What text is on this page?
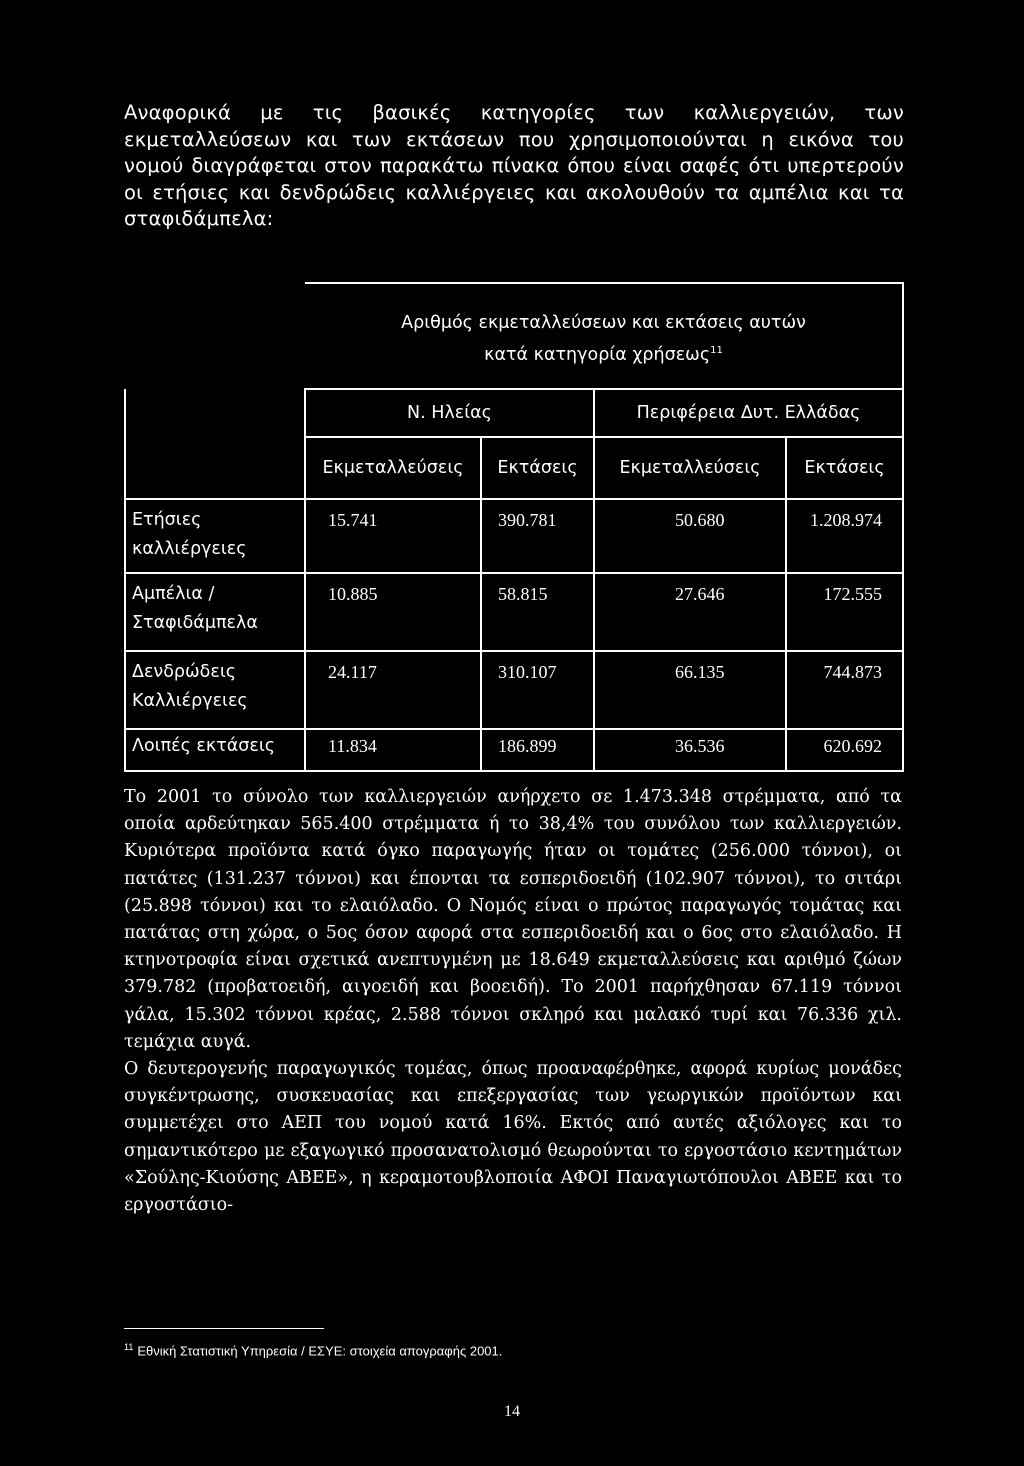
Αναφορικά με τις βασικές κατηγορίες των καλλιεργειών, των εκμεταλλεύσεων και των εκτάσεων που χρησιμοποιούνται η εικόνα του νομού διαγράφεται στον παρακάτω πίνακα όπου είναι σαφές ότι υπερτερούν οι ετήσιες και δενδρώδεις καλλιέργειες και ακολουθούν τα αμπέλια και τα σταφιδάμπελα:

	Αριθμός εκμεταλλεύσεων και εκτάσεις αυτών
κατά κατηγορία χρήσεως$^{11}$
	Ν. Ηλείας		Περιφέρεια Δυτ. Ελλάδας	
	Εκμεταλλεύσεις	Εκτάσεις	Εκμεταλλεύσεις	Εκτάσεις
Ετήσιες
καλλιέργειες	15.741	390.781	50.680	1.208.974
Αμπέλια /
Σταφιδάμπελα	10.885	58.815	27.646	172.555
Δενδρώδεις
Καλλιέργειες	24.117	310.107	66.135	744.873
Λοιπές εκτάσεις	11.834	186.899	36.536	620.692

Το 2001 το σύνολο των καλλιεργειών ανήρχετο σε 1.473.348 στρέμματα, από τα οποία αρδεύτηκαν 565.400 στρέμματα ή το 38,4% του συνόλου των καλλιεργειών. Κυριότερα προϊόντα κατά όγκο παραγωγής ήταν οι τομάτες (256.000 τόννοι), οι πατάτες (131.237 τόννοι) και έπονται τα εσπεριδοειδή (102.907 τόννοι), το σιτάρι (25.898 τόννοι) και το ελαιόλαδο. Ο Νομός είναι ο πρώτος παραγωγός τομάτας και πατάτας στη χώρα, ο 5ος όσον αφορά στα εσπεριδοειδή και ο 6ος στο ελαιόλαδο. Η κτηνοτροφία είναι σχετικά ανεπτυγμένη με 18.649 εκμεταλλεύσεις και αριθμό ζώων 379.782 (προβατοειδή, αιγοειδή και βοοειδή). Το 2001 παρήχθησαν 67.119 τόννοι γάλα, 15.302 τόννοι κρέας, 2.588 τόννοι σκληρό και μαλακό τυρί και 76.336 χιλ. τεμάχια αυγά.

Ο δευτερογενής παραγωγικός τομέας, όπως προαναφέρθηκε, αφορά κυρίως μονάδες συγκέντρωσης, συσκευασίας και επεξεργασίας των γεωργικών προϊόντων και συμμετέχει στο ΑΕΠ του νομού κατά 16%. Εκτός από αυτές αξιόλογες και το σημαντικότερο με εξαγωγικό προσανατολισμό θεωρούνται το εργοστάσιο κεντημάτων «Σούλης-Κιούσης ΑΒΕΕ», η κεραμοτουβλοποιία ΑΦΟΙ Παναγιωτόπουλοι ΑΒΕΕ και το εργοστάσιο-

$^{11}$ Εθνική Στατιστική Υπηρεσία / ΕΣΥΕ: στοιχεία απογραφής 2001.
14
